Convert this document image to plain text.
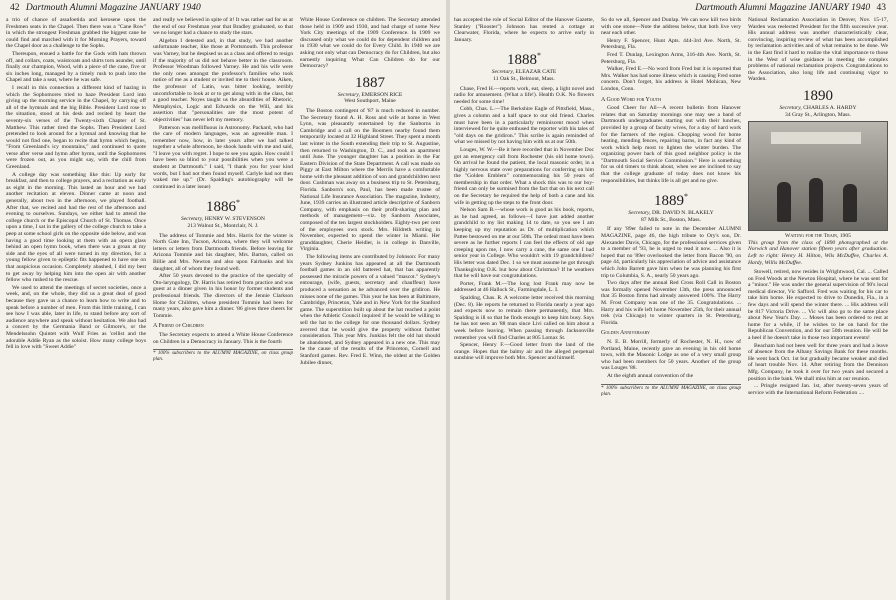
42 Dartmouth Alumni Magazine JANUARY 1940

a trio of chance of assafoetida and kerosene upon the Freshmen seats in the Chapel. Then there was a "Cane Row" in which the strongest Freshman grabbed the biggest cane he could find and marched with it for Morning Prayers, toward the Chapel door as a challenge to the Sophs.

Thereupon, ensued a battle for the Gods with hats thrown off, and collars, coats, waistcoats and shirts torn asunder, until finally our champion, Wood, with a piece of the cane, five or six inches long, managed by a timely rush to push into the Chapel and take a seat, where he was safe.

I recall in this connection a different kind of hazing in which the Sophomores tried to haze President Lord into giving up the morning service in the Chapel, by carrying off all of the hymnals and the big Bible. President Lord rose to the situation, stood at his desk and recited by heart the seventy-six verses of the Twenty-sixth Chapter of St. Matthew. This rather tired the Sophs. Then President Lord pretended to look around for a hymnal and knowing that he would not find one, began to recite that hymn which begins, "From Greenland's icy mountains," and continued to quote verse after verse and hymn after hymn, until the Sophomores were frozen out, as you might say, with the chill from Greenland.

A college day was something like this: Up early for breakfast, and then to college prayers, and a recitation as early as eight in the morning. This lasted an hour and we had another recitation at eleven. Dinner came at noon and generally, about two in the afternoon, we played football. After that, we recited and had the rest of the afternoon and evening to ourselves. Sundays, we either had to attend the college church or the Episcopal Church of St. Thomas. Once upon a time, I sat in the gallery of the college church to take a peep at some school girls on the opposite side below, and was having a good time looking at them with an opera glass behind an open hymn book, when there was a groan at my side and the eyes of all were turned in my direction, for a young fellow given to epileptic fits happened to have one on that auspicious occasion. Completely abashed, I did my best to get away by helping him into the open air with another fellow who rushed to the rescue.

We used to attend the meetings of secret societies, once a week, and, on the whole, they did us a great deal of good because they gave us a chance to learn how to write and to speak before a number of men. From this little training, I can see how I was able, later in life, to stand before any sort of audience anywhere and speak without hesitation. We also had a concert by the Germania Band or Gilmore's, or the Mendelssohn Quintet with Wulf Fries as 'cellist and the adorable Addie Ryan as the soloist. How many college boys fell in love with "Sweet Addie"

and really we believed in spite of it! It was rather sad for us at the end of our Freshman year that Bradley graduated, so that we no longer had a chance to study the stars.

Algebra I detested and, in that study, we had another unfortunate teacher, like those at Portsmouth. This professor was Varney, but he despised us as a class and offered to resign if the majority of us did not behave better in the classroom. Professor Woodman followed Varney. He and his wife were the only ones amongst the professor's families who took notice of me as a student or invited me to their house. Aiken, the professor of Latin, was bitter looking, terribly uncomfortable to look at or to get along with in the class, but a good teacher. Noyes taught us the absurdities of Rhetoric, Metaphysics, Logic and Edwards on the Will, and his assertion that "personalities are the most potent of objectivities" has never left my memory.

Patterson was mellifluous in Astronomy. Packard, who had the care of modern languages, was an agreeable man. I remember now, how, in later years after we had talked together a whole afternoon, he shook hands with me and said, "I leave you with regret. I hope to see you again. How could I have been so blind to your possibilities when you were a student at Dartmouth." I said, "I thank you for your kind words, but I had not then found myself. Carlyle had not then waked me up." (Dr. Spalding's autobiography will be continued in a later issue)

1886*
Secretary, HENRY W. STEVENSON
213 Walnut St., Montclair, N. J.

The address of Tommie and Mrs. Harris for the winter is North Gate Inn, Tucson, Arizona, where they will welcome letters or letters from Dartmouth friends. Before leaving for Arizona Tommie and his daughter, Mrs. Barton, called on Billie and Mrs. Newton and also upon Fairbanks and his daughter, all of whom they found well.

After 50 years devoted to the practice of the specialty of Oto-laryngology, Dr. Harris has retired from practice and was guest at a dinner given in his honor by former students and professional friends. The directors of the Jennie Clarkson Home for Children, whose president Tommie had been for many years, also gave him a dinner. '86 gives three cheers for Tommie.

A Friend of Children

The Secretary expects to attend a White House Conference on Children in a Democracy in January. This is the fourth

* 100% subscribers to the ALUMNI MAGAZINE, on class group plan.

White House Conference on children. The Secretary attended those held in 1909 and 1930, and had charge of some New York City meetings of the 1909 Conference. In 1909 we discussed only what we could do for dependent children and in 1930 what we could do for Every Child. In 1940 we are asking not only what can Democracy do for Children, but also earnestly inquiring What Can Children do for our Democracy?

1887
Secretary, EMERSON RICE
West Southport, Maine

The Boston contingent of '87 is much reduced in number. The Secretary found A. H. Ross and wife at home in West Lynn, was pleasantly entertained by the Sanborns in Cambridge and a call on the Boomers nearby found them temporarily located at 32 Highland Street. They spent a month last winter in the South extending their trip to St. Augustine, then returned to Washington, D. C., and took an apartment until June. The younger daughter has a position in the Far Eastern Division of the State Department. A call was made on Piggy at East Milton where the Merrils have a comfortable home with the pleasant addition of son and grandchildren next door. Cushman was away on a business trip to St. Petersburg, Florida. Sanborn's son, Paul, has been made trustee of National Life Insurance Association. The magazine, Industry, June, 1939 carries an illustrated article descriptive of Sanborn Company, with emphasis on their profit-sharing plan and methods of management—viz. by Sanborn Associates, composed of the ten largest stockholders. Eighty-two per cent of the employees own stock. Mrs. Hildreth writing in November, expected to spend the winter in Miami. Her granddaughter, Cherie Heidler, is in college in Danville, Virginia.

The following items are contributed by Johnson: For many years Sydney Junkins has appeared at all the Dartmouth football games in an old battered hat, that has apparently possessed the miracle powers of a valued "mascot." Sydney's entourage, (wife, guests, secretary and chauffeur) have produced a sensation as he advanced over the gridiron. He misses none of the games. This year he has been at Baltimore, Cambridge, Princeton, Yale and in New York for the Stanford game. The superstition built up about the hat reached a point when the Athletic Council inquired if he would be willing to sell the hat to the college for one thousand dollars. Sydney averred that he would give the property without further consideration. This year Mrs. Junkins felt the old hat should be abandoned, and Sydney appeared in a new one. This may be the cause of the results of the Princeton, Cornell and Stanford games. Rev. Fred E. Winn, the oldest at the Golden Jubilee dinner,

Dartmouth Alumni Magazine JANUARY 1940 43

has accepted the role of Social Editor of the Hanover Gazette, Stanley ("Rooster") Johnson has rented a cottage at Clearwater, Florida, where he expects to arrive early in January.

1888*
Secretary, ELEAZAR CATE
11 Oak St., Belmont, Mass.

Chase, Fred H.—reports work, eat, sleep, a light novel and radio for amusement. (What a life!). Health O.K. No flowers needed for some time!

Cobb, Chas. L.—The Berkshire Eagle of Pittsfield, Mass., gives a column and a half space to our old friend. Charles must have been in a particularly reminiscent mood when interviewed for he quite enthused the reporter with his tales of "old days on the gridiron." This scribe is again reminded of what we missed by not having him with us at our 50th.

Louges, W. W.—Be it here recorded that in November Doc got an emergency call from Rochester (his old home town). On arrival he found the patient, the local masonic order, in a highly nervous state over preparations for conferring on him the "Golden Emblem" commemorating his 50 years of membership in that order. What a shock this was to our boy-friend can only be surmised from the fact that on his next call on the Secretary he required the help of both a cane and his wife in getting up the steps to the front door.

Nelson Sam B.—whose work is good as his book, reports, as he had agreed, as follows—I have just added another grandchild to my list making 14 to date, so you see I am keeping up my reputation as Dr. of multiplication which Pattee bestowed on me at our 50th. The ordeal must have been severe as he further reports I can feel the effects of old age creeping upon me, I now carry a cane, the same one I had senior year in College. Who wouldn't with 19 grandchildren? His letter was dated Dec. 1 so we must assume he got through Thanksgiving O.K. but how about Christmas? If he weathers that he will have our congratulations.

Porter, Frank M.—The long lost Frank may now be addressed at 46 Hallock St., Farmingdale, L. I.

Spalding, Chas. R. A welcome letter received this morning (Dec. 8). He reports he returned to Florida nearly a year ago and expects now to remain there permanently, that Mrs. Spalding is ill so that he finds enough to keep him busy. Says he has not seen an '88 man since Livi called on him about a week before leaving. When passing through Jacksonville remember you will find Charles at 805 Lomax St.

Spencer, Henry F.—Good letter from the land of the orange. Hopes that the balmy air and the alleged perpetual sunshine will improve both Mrs. Spencer and himself.

So do we all, Spencer and Dunlap. We can now kill two birds with one stone—Note the address below, that both live very near each other.

Henry F. Spencer, Hunt Apts. 444-3rd Ave. North, St. Petersburg, Fla.

Fred T. Dunlap, Lexington Arms, 316-4th Ave. North, St. Petersburg, Fla.

Walker, Fred E.—No word from Fred but it is reported that Mrs. Walker has had some illness which is causing Fred some concern. Don't forget, his address is Hotel Mohican, New London, Conn.

A Good Word for Youth

Good Cheer for All—A recent bulletin from Hanover relates that on Saturday mornings one may see a band of Dartmouth undergraduates starting out with their lunches, provided by a group of faculty wives, for a day of hard work for the farmers of the region. Chopping wood for home heating, mending fences, repairing barns, in fact any kind of work which help most to lighten the winter burden. The organizing power back of this good neighbor policy is the "Dartmouth Social Service Commission." Here is something for us old timers to think about, when we are inclined to say that the college graduate of today does not know his responsibilities, but thinks life is all get and no give.

1889*
Secretary, DR. DAVID N. BLAKELY
87 Milk St., Boston, Mass.

If any '89er failed to note in the December ALUMNI MAGAZINE, page 46, the high tribute to Ory's son, Dr. Alexander Davis, Chicago, for the professional services given to a member of '93, he is urged to read it now. ... Also it is hoped that no '89er overlooked the letter from Bacon '90, on page 44, particularly his appreciation of advice and assistance which John Barrett gave him when he was planning his first trip to Columbia, S. A., nearly 50 years ago.

Two days after the annual Red Cross Roll Call in Boston was formally opened November 13th, the press announced that 35 Boston firms had already answered 100%. The Harry M. Frost Company was one of the 35. Congratulations. ... Harry and his wife left home November 25th, for their annual trek (via Chicago) to winter quarters in St. Petersburg, Florida.

Golden Anniversary

N. E. B. Morrill, formerly of Rochester, N. H., now of Portland, Maine, recently gave an evening in his old home town, with the Masonic Lodge as one of a very small group who had been members for 50 years. Another of the group was Louges '88.

At the eighth annual convention of the

* 100% subscribers to the ALUMNI MAGAZINE, on class group plan.

National Reclamation Association in Denver, Nov. 15-17, Warden was reelected President for the fifth successive year. His annual address was another characteristically clear, convincing, inspiring review of what has been accomplished by reclamation activities and of what remains to be done. We in the East find it hard to realize the vital importance to those in the West of wise guidance in meeting the complex problems of national reclamation projects. Congratulations to the Association, also long life and continuing vigor to Warden.

1890
Secretary, CHARLES A. HARDY
34 Gray St., Arlington, Mass.
Waiting for the Train, 1905
This group from the class of 1890 photographed at the Norwich and Hanover station fifteen years after graduation. Left to right: Henry H. Hilton, Wils McDuffee, Charles A. Hardy, Willis McDuffee.

Stowell, retired, now resides in Wrightwood, Cal. ... Called on Fred Woods at the Newton Hospital, where he was sent for a "minor." He was under the general supervision of 90's local medical director, Vic Safford. Fred was waiting for his car to take him home. He expected to drive to Dunedin, Fla., in a few days and will spend the winter there. ... His address will be 817 Victoria Drive. ... Vic will also go to the same place about New Year's Day. ... Moses has been ordered to rest at home for a while, if he wishes to be on hand for the Republican Convention, and for our 50th reunion. He will be a heel if he doesn't take in those two important events!

Beacham had not been well for three years and had a leave of absence from the Albany Savings Bank for these months. He went back Oct. 1st but gradually became weaker and died of heart trouble Nov. 14. After retiring from the Dennison Mfg. Company, he took it over for two years and secured a position in the bank. We shall miss him at our reunion.

... Pringle resigned Jan. 1st, after twenty-seven years of service with the International Reform Federation ....
